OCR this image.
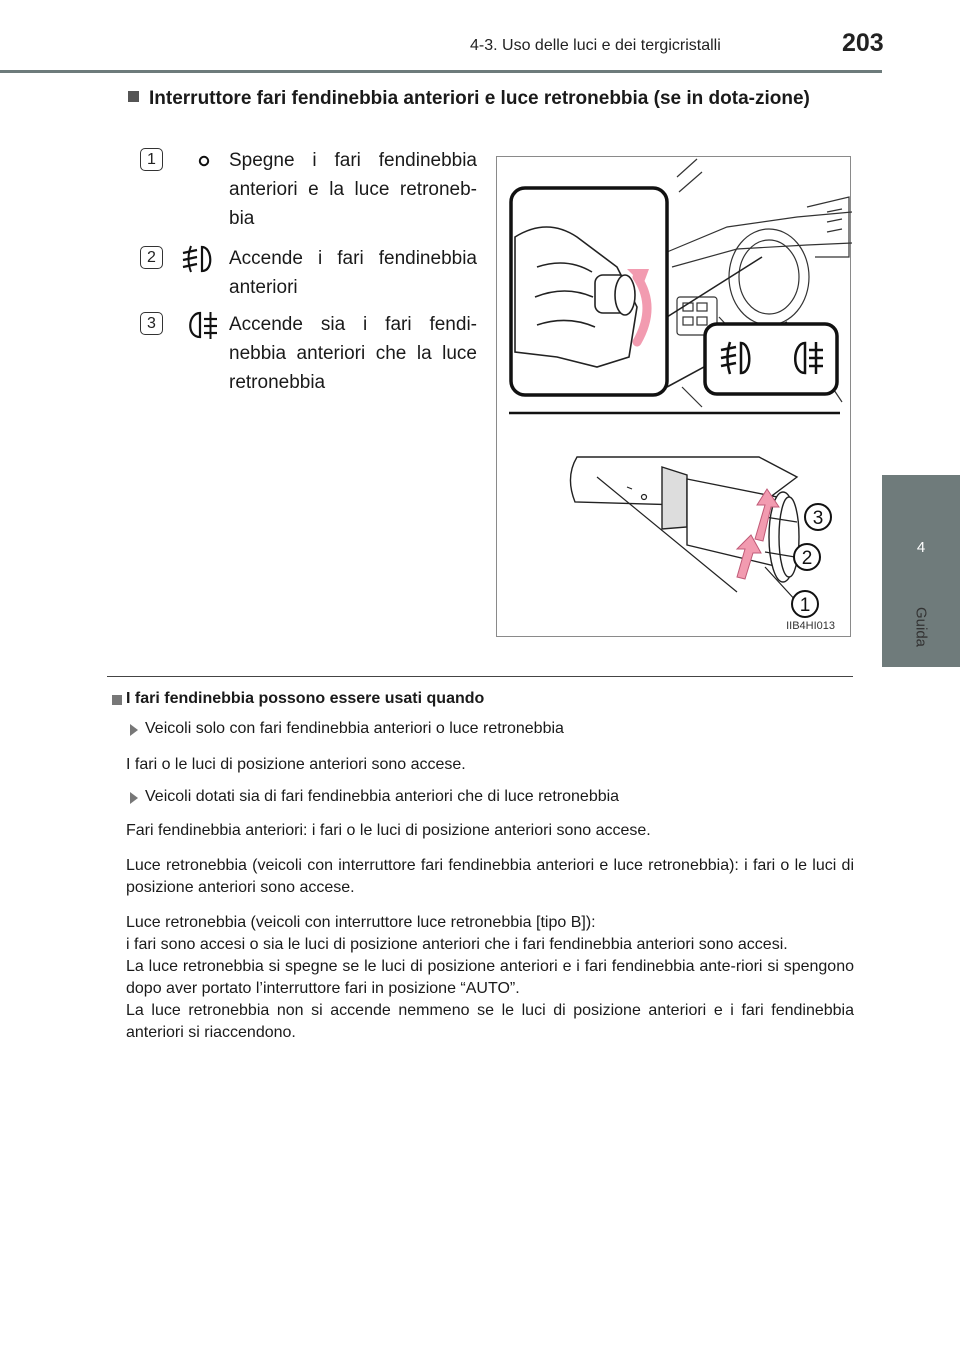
4-3. Uso delle luci e dei tergicristalli	203
4
Guida
Interruttore fari fendinebbia anteriori e luce retronebbia (se in dota-zione)
1	Spegne i fari fendinebbia anteriori e la luce retroneb-bia
2	Accende i fari fendinebbia anteriori
3	Accende sia i fari fendi-nebbia anteriori che la luce retronebbia
3
2
1
IIB4HI013
I fari fendinebbia possono essere usati quando
Veicoli solo con fari fendinebbia anteriori o luce retronebbia
I fari o le luci di posizione anteriori sono accese.
Veicoli dotati sia di fari fendinebbia anteriori che di luce retronebbia
Fari fendinebbia anteriori: i fari o le luci di posizione anteriori sono accese.
Luce retronebbia (veicoli con interruttore fari fendinebbia anteriori e luce retronebbia): i fari o le luci di posizione anteriori sono accese.
Luce retronebbia (veicoli con interruttore luce retronebbia [tipo B]):
i fari sono accesi o sia le luci di posizione anteriori che i fari fendinebbia anteriori sono accesi.
La luce retronebbia si spegne se le luci di posizione anteriori e i fari fendinebbia ante-riori si spengono dopo aver portato l’interruttore fari in posizione “AUTO”.
La luce retronebbia non si accende nemmeno se le luci di posizione anteriori e i fari fendinebbia anteriori si riaccendono.
